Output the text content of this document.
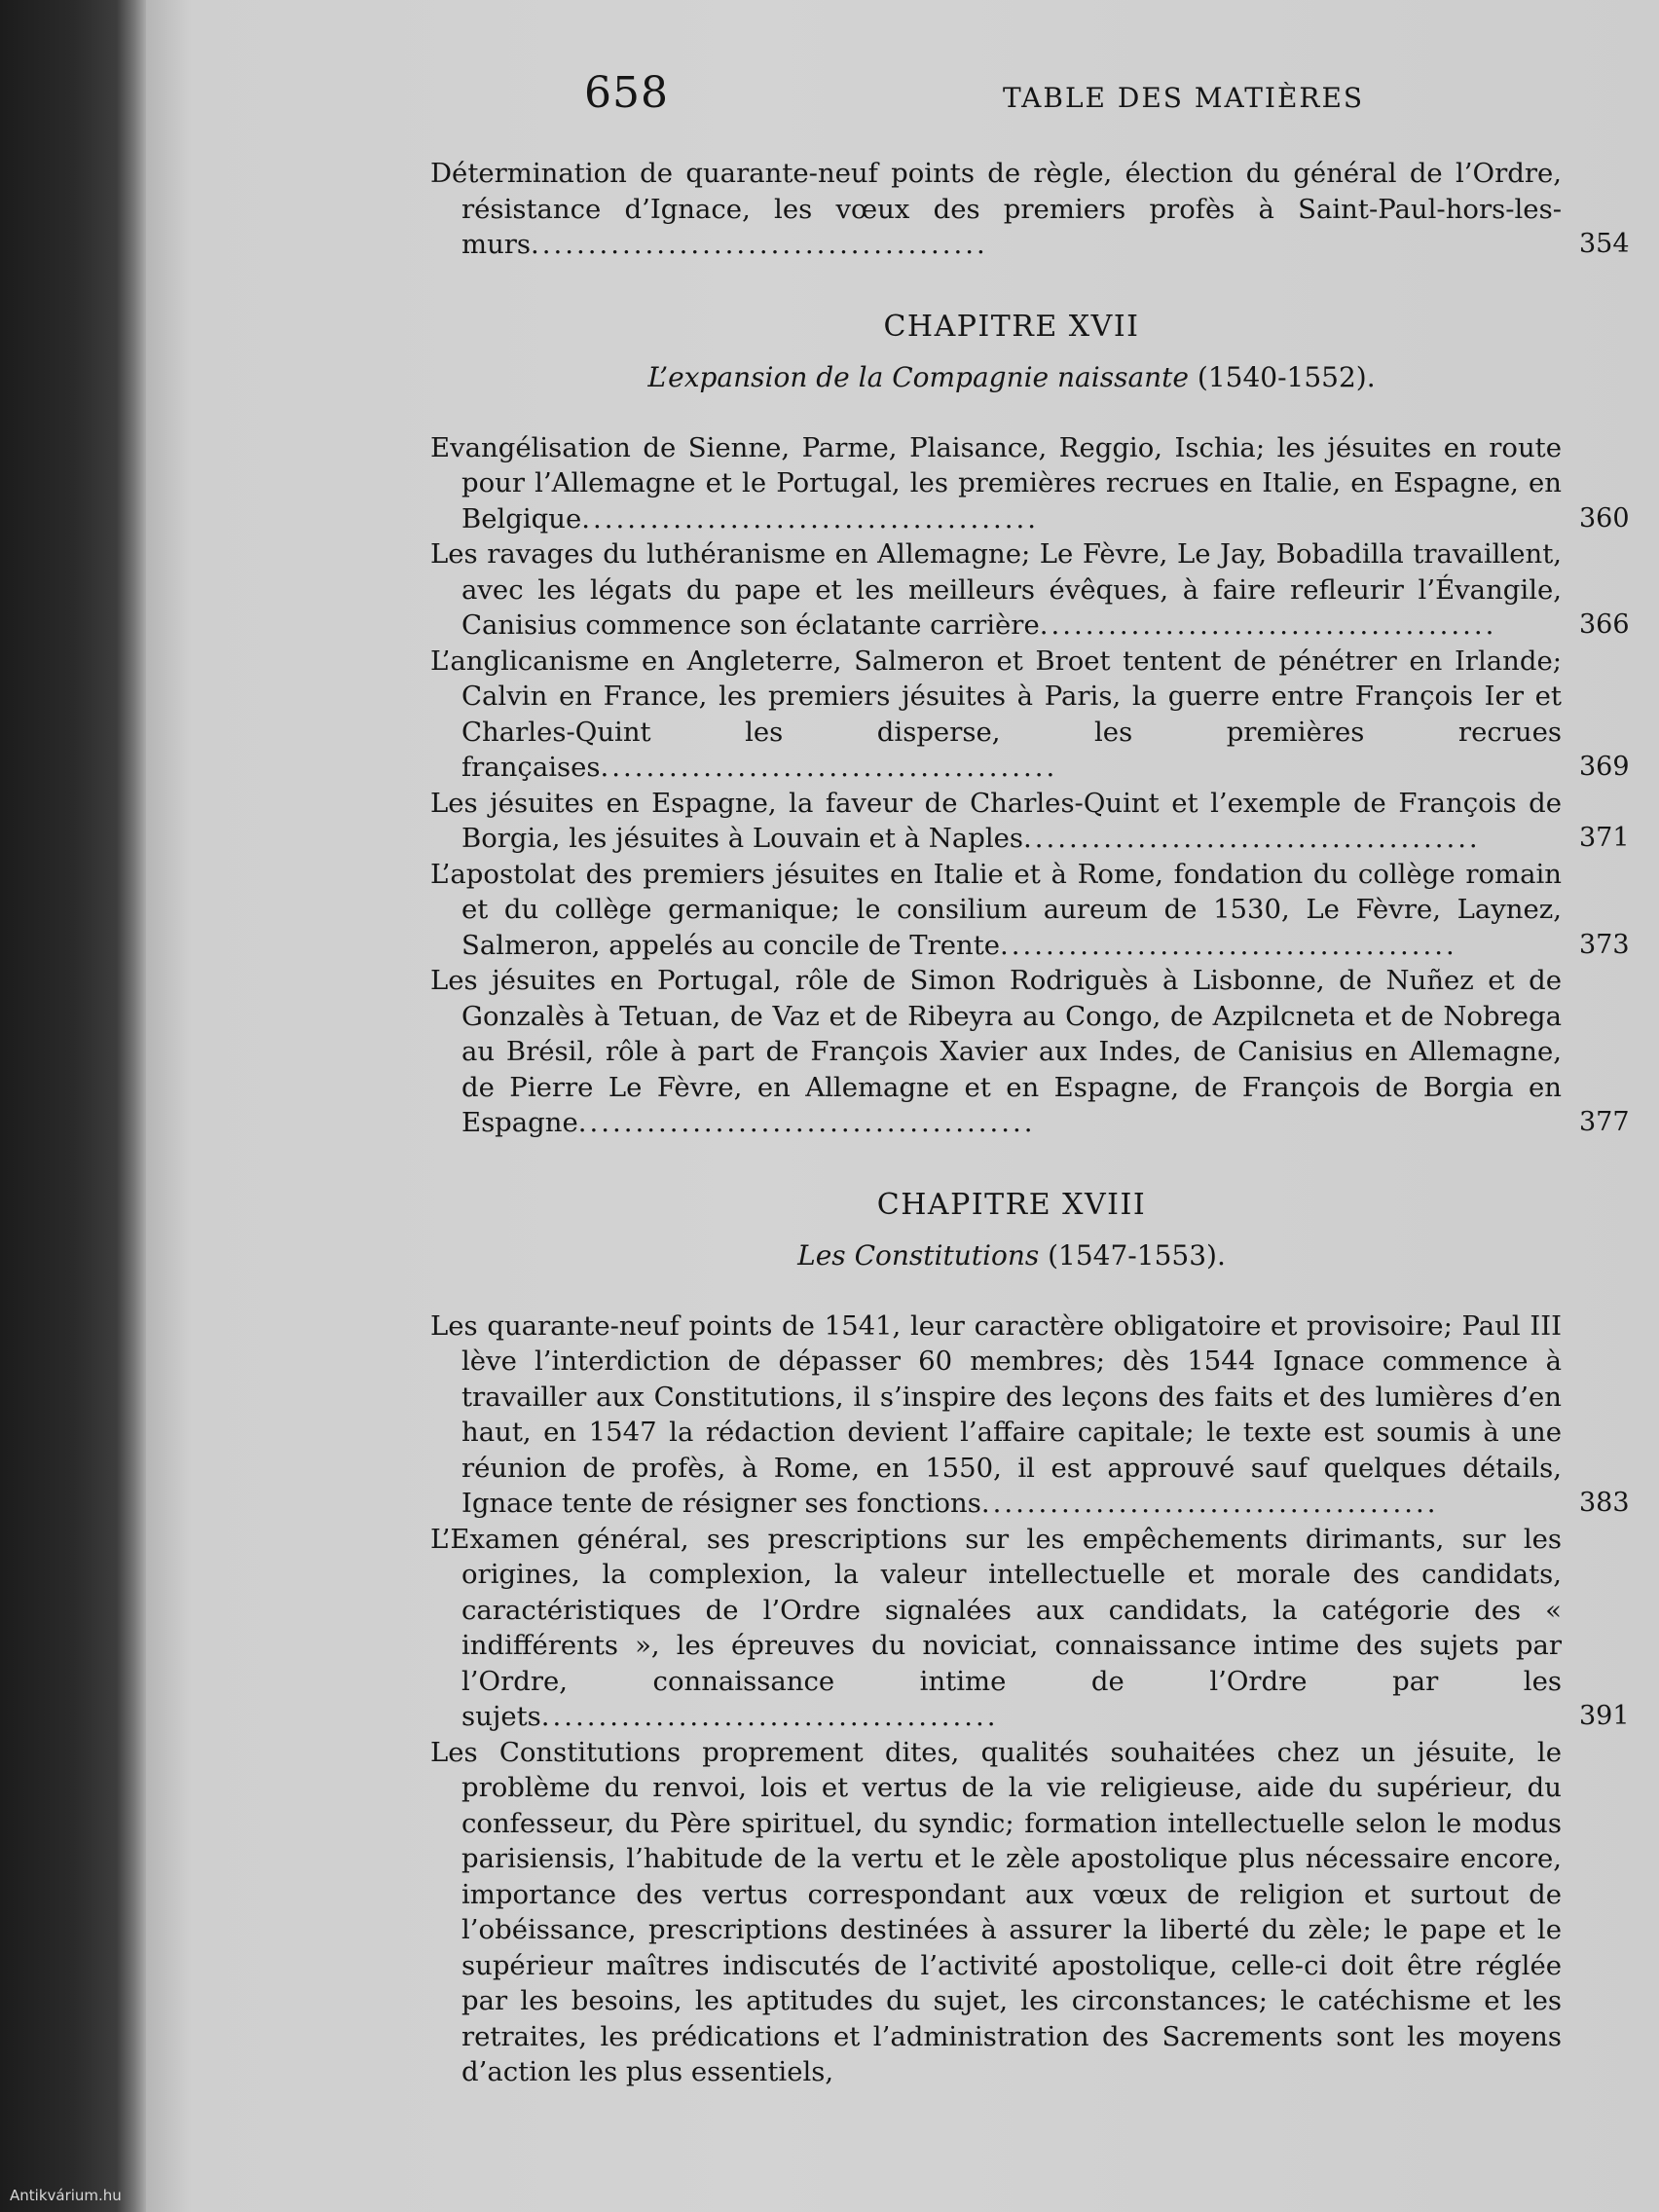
658	TABLE DES MATIÈRES

Détermination de quarante-neuf points de règle, élection du général de l’Ordre, résistance d’Ignace, les vœux des premiers profès à Saint-Paul-hors-les-murs........................................	354

CHAPITRE XVII
L’expansion de la Compagnie naissante (1540-1552).

Evangélisation de Sienne, Parme, Plaisance, Reggio, Ischia; les jésuites en route pour l’Allemagne et le Portugal, les premières recrues en Italie, en Espagne, en Belgique........................................	360

Les ravages du luthéranisme en Allemagne; Le Fèvre, Le Jay, Bobadilla travaillent, avec les légats du pape et les meilleurs évêques, à faire refleurir l’Évangile, Canisius commence son éclatante carrière........................................	366

L’anglicanisme en Angleterre, Salmeron et Broet tentent de pénétrer en Irlande; Calvin en France, les premiers jésuites à Paris, la guerre entre François Ier et Charles-Quint les disperse, les premières recrues françaises........................................	369

Les jésuites en Espagne, la faveur de Charles-Quint et l’exemple de François de Borgia, les jésuites à Louvain et à Naples........................................	371

L’apostolat des premiers jésuites en Italie et à Rome, fondation du collège romain et du collège germanique; le consilium aureum de 1530, Le Fèvre, Laynez, Salmeron, appelés au concile de Trente........................................	373

Les jésuites en Portugal, rôle de Simon Rodriguès à Lisbonne, de Nuñez et de Gonzalès à Tetuan, de Vaz et de Ribeyra au Congo, de Azpilcneta et de Nobrega au Brésil, rôle à part de François Xavier aux Indes, de Canisius en Allemagne, de Pierre Le Fèvre, en Allemagne et en Espagne, de François de Borgia en Espagne........................................	377

CHAPITRE XVIII
Les Constitutions (1547-1553).

Les quarante-neuf points de 1541, leur caractère obligatoire et provisoire; Paul III lève l’interdiction de dépasser 60 membres; dès 1544 Ignace commence à travailler aux Constitutions, il s’inspire des leçons des faits et des lumières d’en haut, en 1547 la rédaction devient l’affaire capitale; le texte est soumis à une réunion de profès, à Rome, en 1550, il est approuvé sauf quelques détails, Ignace tente de résigner ses fonctions........................................	383

L’Examen général, ses prescriptions sur les empêchements dirimants, sur les origines, la complexion, la valeur intellectuelle et morale des candidats, caractéristiques de l’Ordre signalées aux candidats, la catégorie des « indifférents », les épreuves du noviciat, connaissance intime des sujets par l’Ordre, connaissance intime de l’Ordre par les sujets........................................	391

Les Constitutions proprement dites, qualités souhaitées chez un jésuite, le problème du renvoi, lois et vertus de la vie religieuse, aide du supérieur, du confesseur, du Père spirituel, du syndic; formation intellectuelle selon le modus parisiensis, l’habitude de la vertu et le zèle apostolique plus nécessaire encore, importance des vertus correspondant aux vœux de religion et surtout de l’obéissance, prescriptions destinées à assurer la liberté du zèle; le pape et le supérieur maîtres indiscutés de l’activité apostolique, celle-ci doit être réglée par les besoins, les aptitudes du sujet, les circonstances; le catéchisme et les retraites, les prédications et l’administration des Sacrements sont les moyens d’action les plus essentiels,

Antikvárium.hu
